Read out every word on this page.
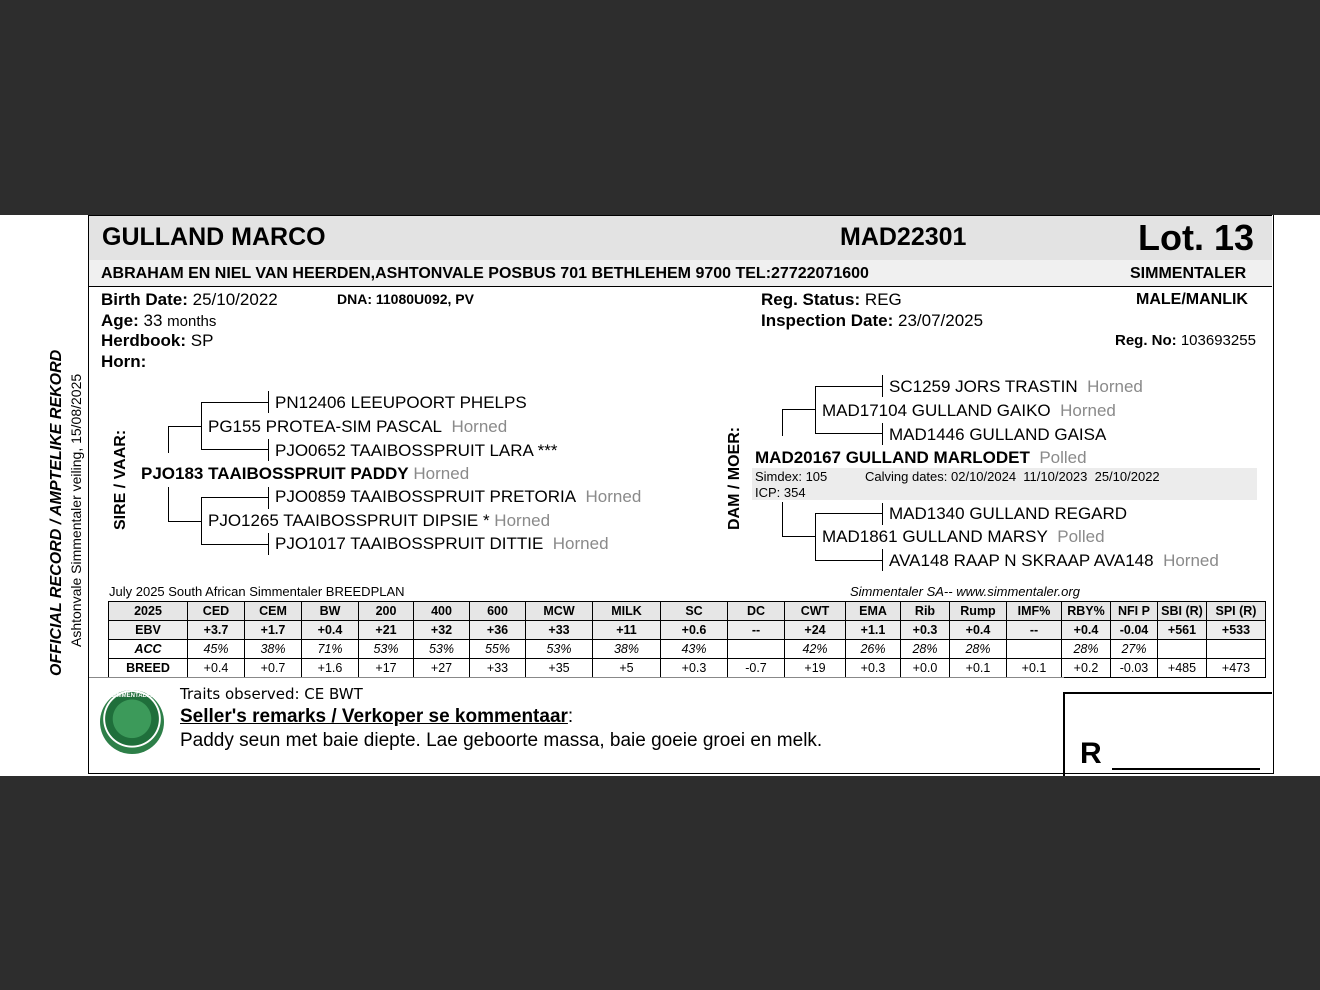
GULLAND MARCO	MAD22301	Lot. 13
ABRAHAM EN NIEL VAN HEERDEN,ASHTONVALE POSBUS 701 BETHLEHEM 9700 TEL:27722071600	SIMMENTALER
OFFICIAL RECORD / AMPTELIKE REKORD Ashtonvale Simmentaler veiling, 15/08/2025
Birth Date: 25/10/2022	DNA: 11080U092, PV
Age: 33 months
Herdbook: SP
Horn:
Reg. Status: REG
Inspection Date: 23/07/2025
MALE/MANLIK
Reg. No: 103693255
SIRE / VAAR:
PN12406 LEEUPOORT PHELPS
PG155 PROTEA-SIM PASCAL Horned
PJO0652 TAAIBOSSPRUIT LARA ***
PJO183 TAAIBOSSPRUIT PADDY Horned
PJO0859 TAAIBOSSPRUIT PRETORIA Horned
PJO1265 TAAIBOSSPRUIT DIPSIE * Horned
PJO1017 TAAIBOSSPRUIT DITTIE Horned
DAM / MOER:
SC1259 JORS TRASTIN Horned
MAD17104 GULLAND GAIKO Horned
MAD1446 GULLAND GAISA
MAD20167 GULLAND MARLODET Polled
Simdex: 105
ICP: 354
Calving dates: 02/10/2024  11/10/2023  25/10/2022
MAD1340 GULLAND REGARD
MAD1861 GULLAND MARSY Polled
AVA148 RAAP N SKRAAP AVA148 Horned
July 2025 South African Simmentaler BREEDPLAN	Simmentaler SA-- www.simmentaler.org
2025	CED	CEM	BW	200	400	600	MCW	MILK	SC	DC	CWT	EMA	Rib	Rump	IMF%	RBY%	NFI P	SBI (R)	SPI (R)
EBV	+3.7	+1.7	+0.4	+21	+32	+36	+33	+11	+0.6	--	+24	+1.1	+0.3	+0.4	--	+0.4	-0.04	+561	+533
ACC	45%	38%	71%	53%	53%	55%	53%	38%	43%		42%	26%	28%	28%		28%	27%		
BREED	+0.4	+0.7	+1.6	+17	+27	+33	+35	+5	+0.3	-0.7	+19	+0.3	+0.0	+0.1	+0.1	+0.2	-0.03	+485	+473
SIMMENTALER Traits observed: CE BWT
Seller's remarks / Verkoper se kommentaar:
Paddy seun met baie diepte. Lae geboorte massa, baie goeie groei en melk.	R
